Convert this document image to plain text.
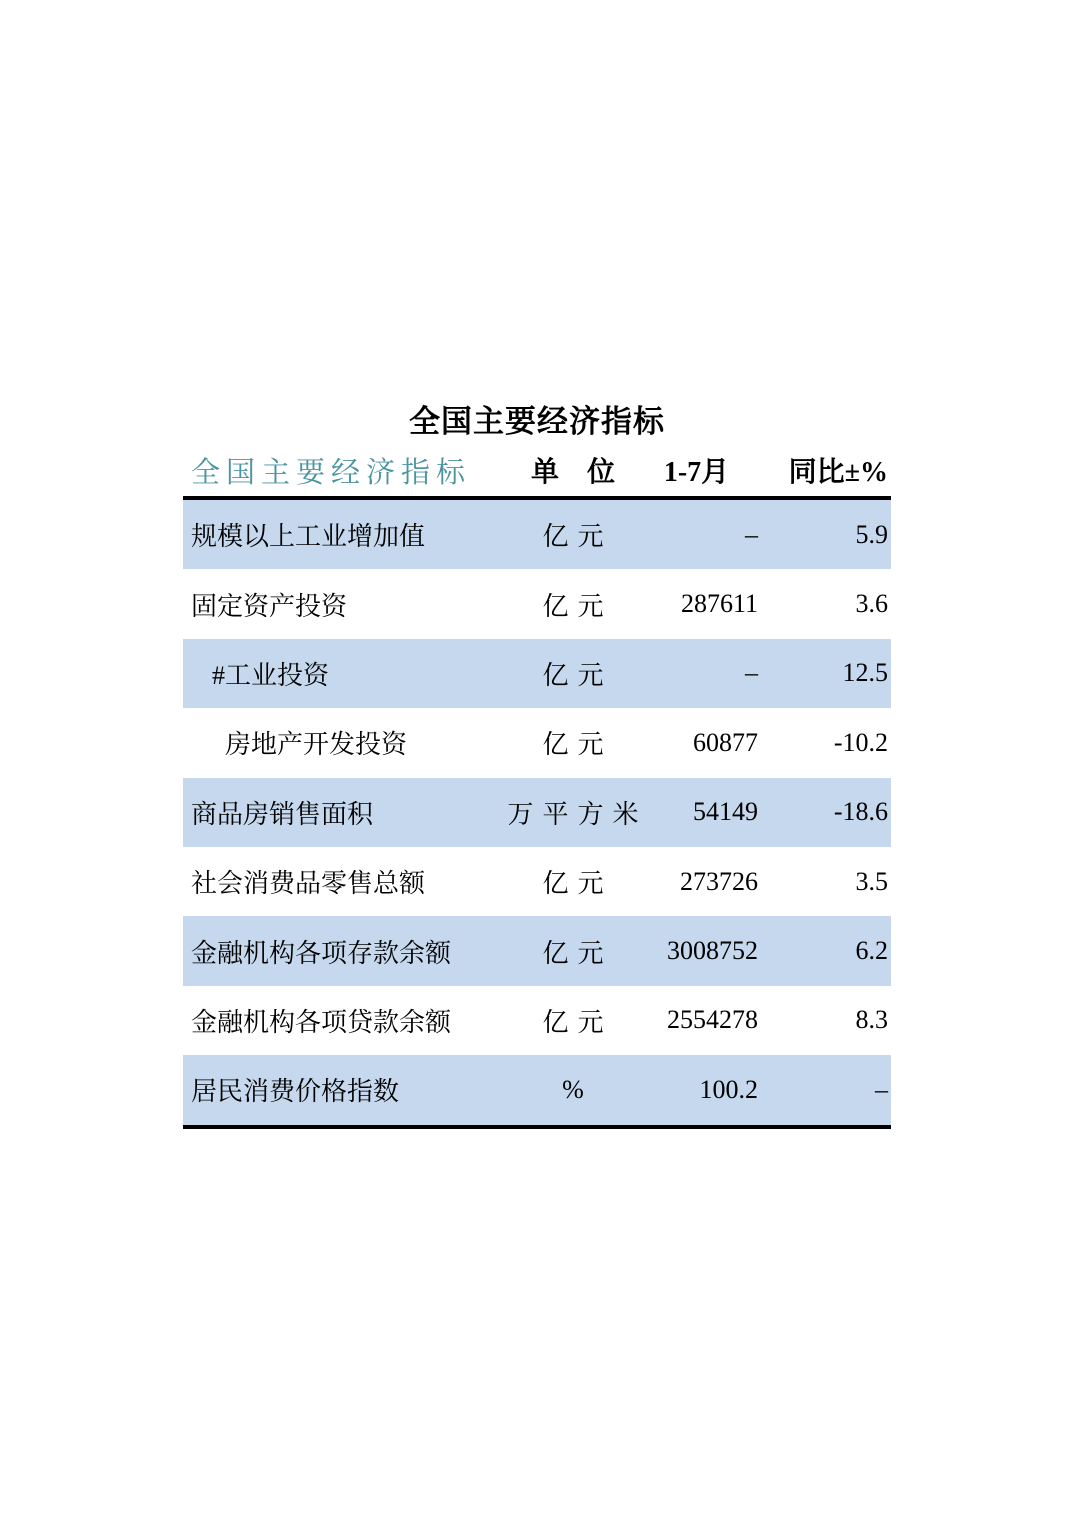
全国主要经济指标
全国主要经济指标	单　位	1-7月	同比±%
规模以上工业增加值	亿元	–	5.9
固定资产投资	亿元	287611	3.6
#工业投资	亿元	–	12.5
房地产开发投资	亿元	60877	-10.2
商品房销售面积	万平方米	54149	-18.6
社会消费品零售总额	亿元	273726	3.5
金融机构各项存款余额	亿元	3008752	6.2
金融机构各项贷款余额	亿元	2554278	8.3
居民消费价格指数	%	100.2	–
